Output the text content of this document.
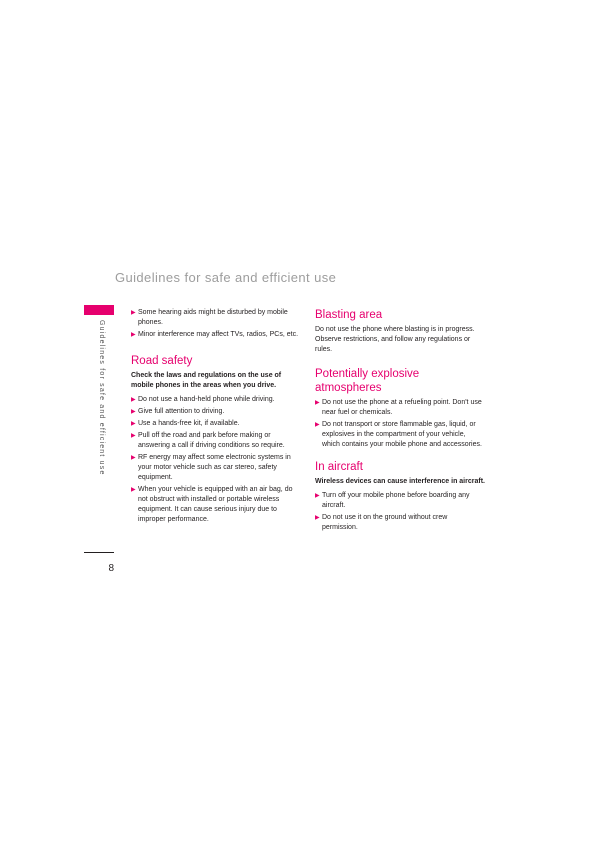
Guidelines for safe and efficient use
Guidelines for safe and efficient use
8
▶ Some hearing aids might be disturbed by mobile phones.
▶ Minor interference may affect TVs, radios, PCs, etc.
Road safety

Check the laws and regulations on the use of mobile phones in the areas when you drive.

▶ Do not use a hand-held phone while driving.
▶ Give full attention to driving.
▶ Use a hands-free kit, if available.
▶ Pull off the road and park before making or answering a call if driving conditions so require.
▶ RF energy may affect some electronic systems in your motor vehicle such as car stereo, safety equipment.
▶ When your vehicle is equipped with an air bag, do not obstruct with installed or portable wireless equipment. It can cause serious injury due to improper performance.
Blasting area

Do not use the phone where blasting is in progress. Observe restrictions, and follow any regulations or rules.

Potentially explosive atmospheres
▶ Do not use the phone at a refueling point. Don't use near fuel or chemicals.
▶ Do not transport or store flammable gas, liquid, or explosives in the compartment of your vehicle, which contains your mobile phone and accessories.
In aircraft

Wireless devices can cause interference in aircraft.

▶ Turn off your mobile phone before boarding any aircraft.
▶ Do not use it on the ground without crew permission.
